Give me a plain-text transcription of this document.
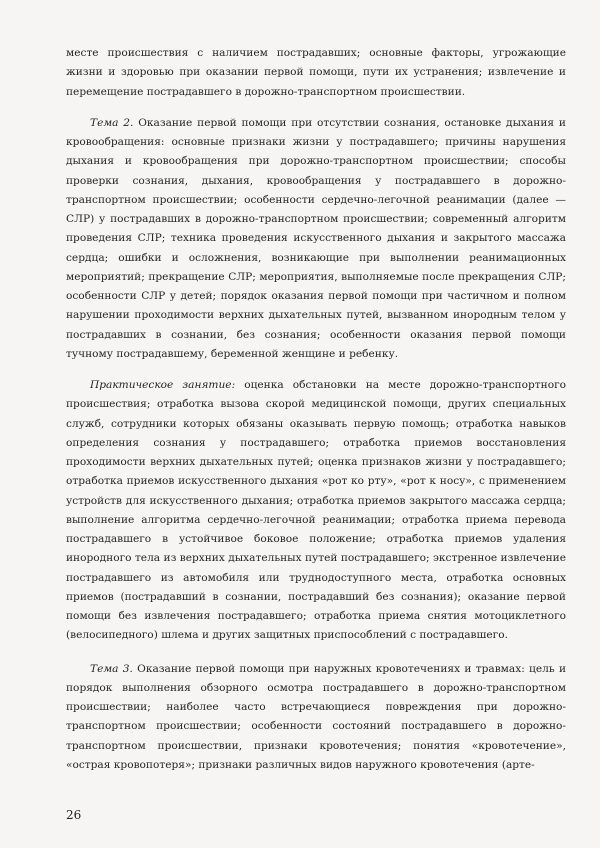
месте происшествия с наличием пострадавших; основные факторы, угрожающие жизни и здоровью при оказании первой помощи, пути их устранения; извлечение и перемещение пострадавшего в дорожно-транспортном происшествии.

Тема 2. Оказание первой помощи при отсутствии сознания, остановке дыхания и кровообращения: основные признаки жизни у пострадавшего; причины нарушения дыхания и кровообращения при дорожно-транспортном происшествии; способы проверки сознания, дыхания, кровообращения у пострадавшего в дорожно-транспортном происшествии; особенности сердечно-легочной реанимации (далее — СЛР) у пострадавших в дорожно-транспортном происшествии; современный алгоритм проведения СЛР; техника проведения искусственного дыхания и закрытого массажа сердца; ошибки и осложнения, возникающие при выполнении реанимационных мероприятий; прекращение СЛР; мероприятия, выполняемые после прекращения СЛР; особенности СЛР у детей; порядок оказания первой помощи при частичном и полном нарушении проходимости верхних дыхательных путей, вызванном инородным телом у пострадавших в сознании, без сознания; особенности оказания первой помощи тучному пострадавшему, беременной женщине и ребенку.

Практическое занятие: оценка обстановки на месте дорожно-транспортного происшествия; отработка вызова скорой медицинской помощи, других специальных служб, сотрудники которых обязаны оказывать первую помощь; отработка навыков определения сознания у пострадавшего; отработка приемов восстановления проходимости верхних дыхательных путей; оценка признаков жизни у пострадавшего; отработка приемов искусственного дыхания «рот ко рту», «рот к носу», с применением устройств для искусственного дыхания; отработка приемов закрытого массажа сердца; выполнение алгоритма сердечно-легочной реанимации; отработка приема перевода пострадавшего в устойчивое боковое положение; отработка приемов удаления инородного тела из верхних дыхательных путей пострадавшего; экстренное извлечение пострадавшего из автомобиля или труднодоступного места, отработка основных приемов (пострадавший в сознании, пострадавший без сознания); оказание первой помощи без извлечения пострадавшего; отработка приема снятия мотоциклетного (велосипедного) шлема и других защитных приспособлений с пострадавшего.

Тема 3. Оказание первой помощи при наружных кровотечениях и травмах: цель и порядок выполнения обзорного осмотра пострадавшего в дорожно-транспортном происшествии; наиболее часто встречающиеся повреждения при дорожно-транспортном происшествии; особенности состояний пострадавшего в дорожно-транспортном происшествии, признаки кровотечения; понятия «кровотечение», «острая кровопотеря»; признаки различных видов наружного кровотечения (арте-

26
